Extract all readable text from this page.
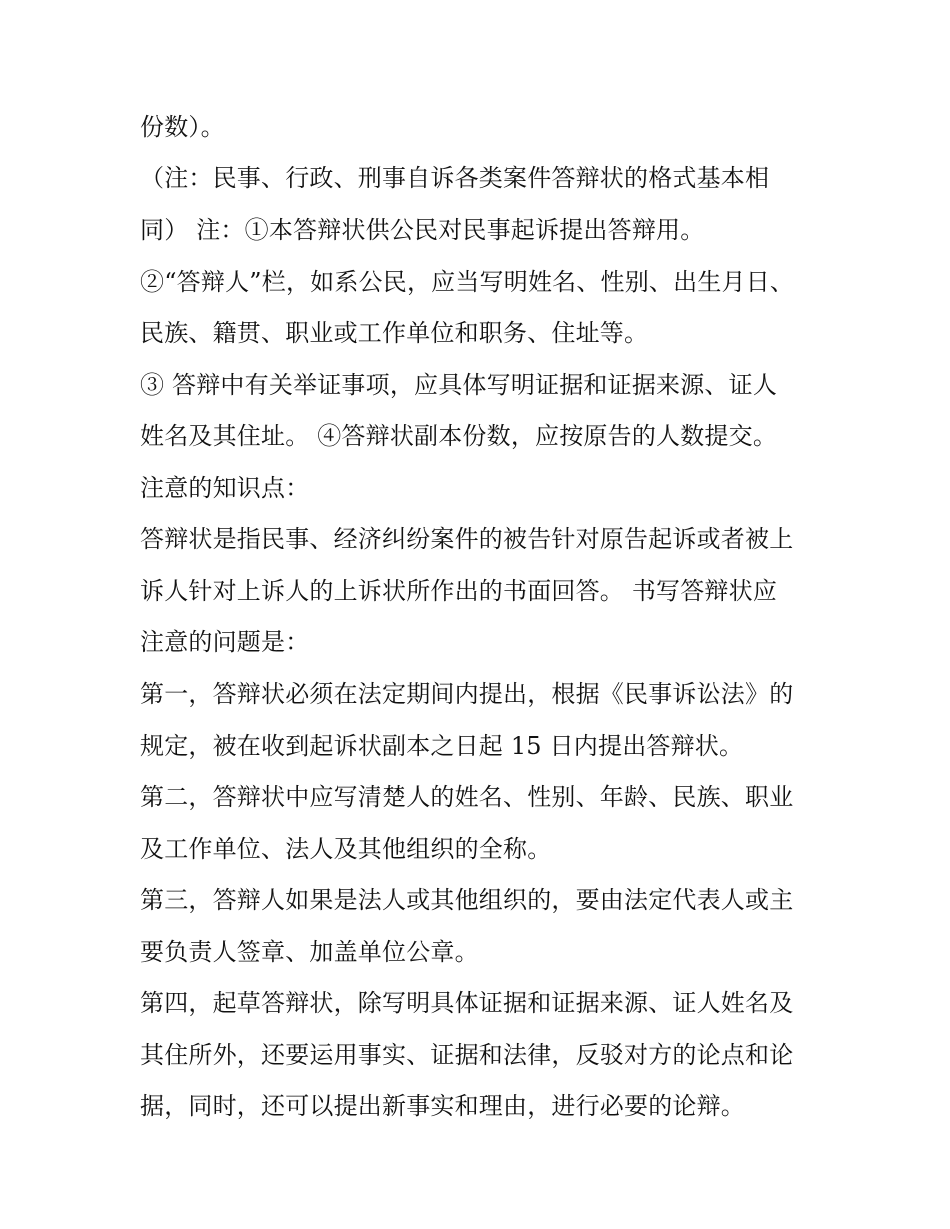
份数）。
（注：民事、行政、刑事自诉各类案件答辩状的格式基本相
同） 注：①本答辩状供公民对民事起诉提出答辩用。
②“答辩人”栏，如系公民，应当写明姓名、性别、出生月日、
民族、籍贯、职业或工作单位和职务、住址等。
③ 答辩中有关举证事项，应具体写明证据和证据来源、证人
姓名及其住址。 ④答辩状副本份数，应按原告的人数提交。
注意的知识点：
答辩状是指民事、经济纠纷案件的被告针对原告起诉或者被上
诉人针对上诉人的上诉状所作出的书面回答。 书写答辩状应
注意的问题是：
第一，答辩状必须在法定期间内提出，根据《民事诉讼法》的
规定，被在收到起诉状副本之日起 15 日内提出答辩状。
第二，答辩状中应写清楚人的姓名、性别、年龄、民族、职业
及工作单位、法人及其他组织的全称。
第三，答辩人如果是法人或其他组织的，要由法定代表人或主
要负责人签章、加盖单位公章。
第四，起草答辩状，除写明具体证据和证据来源、证人姓名及
其住所外，还要运用事实、证据和法律，反驳对方的论点和论
据，同时，还可以提出新事实和理由，进行必要的论辩。
